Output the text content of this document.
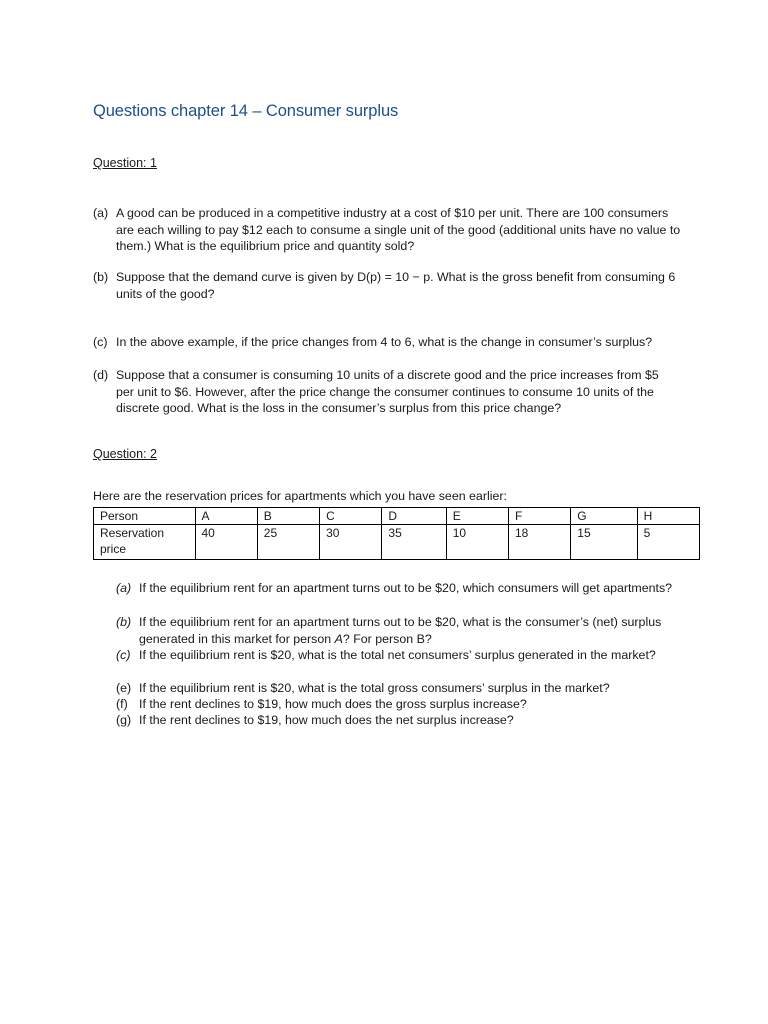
Questions chapter 14 – Consumer surplus
Question: 1
(a) A good can be produced in a competitive industry at a cost of $10 per unit. There are 100 consumers are each willing to pay $12 each to consume a single unit of the good (additional units have no value to them.) What is the equilibrium price and quantity sold?
(b) Suppose that the demand curve is given by D(p) = 10 − p. What is the gross benefit from consuming 6 units of the good?
(c) In the above example, if the price changes from 4 to 6, what is the change in consumer’s surplus?
(d) Suppose that a consumer is consuming 10 units of a discrete good and the price increases from $5 per unit to $6. However, after the price change the consumer continues to consume 10 units of the discrete good. What is the loss in the consumer’s surplus from this price change?
Question: 2
Here are the reservation prices for apartments which you have seen earlier:
Person	A	B	C	D	E	F	G	H
Reservation price	40	25	30	35	10	18	15	5
(a) If the equilibrium rent for an apartment turns out to be $20, which consumers will get apartments?
(b) If the equilibrium rent for an apartment turns out to be $20, what is the consumer’s (net) surplus generated in this market for person A? For person B?
(c) If the equilibrium rent is $20, what is the total net consumers’ surplus generated in the market?
(e) If the equilibrium rent is $20, what is the total gross consumers’ surplus in the market?
(f) If the rent declines to $19, how much does the gross surplus increase?
(g) If the rent declines to $19, how much does the net surplus increase?
